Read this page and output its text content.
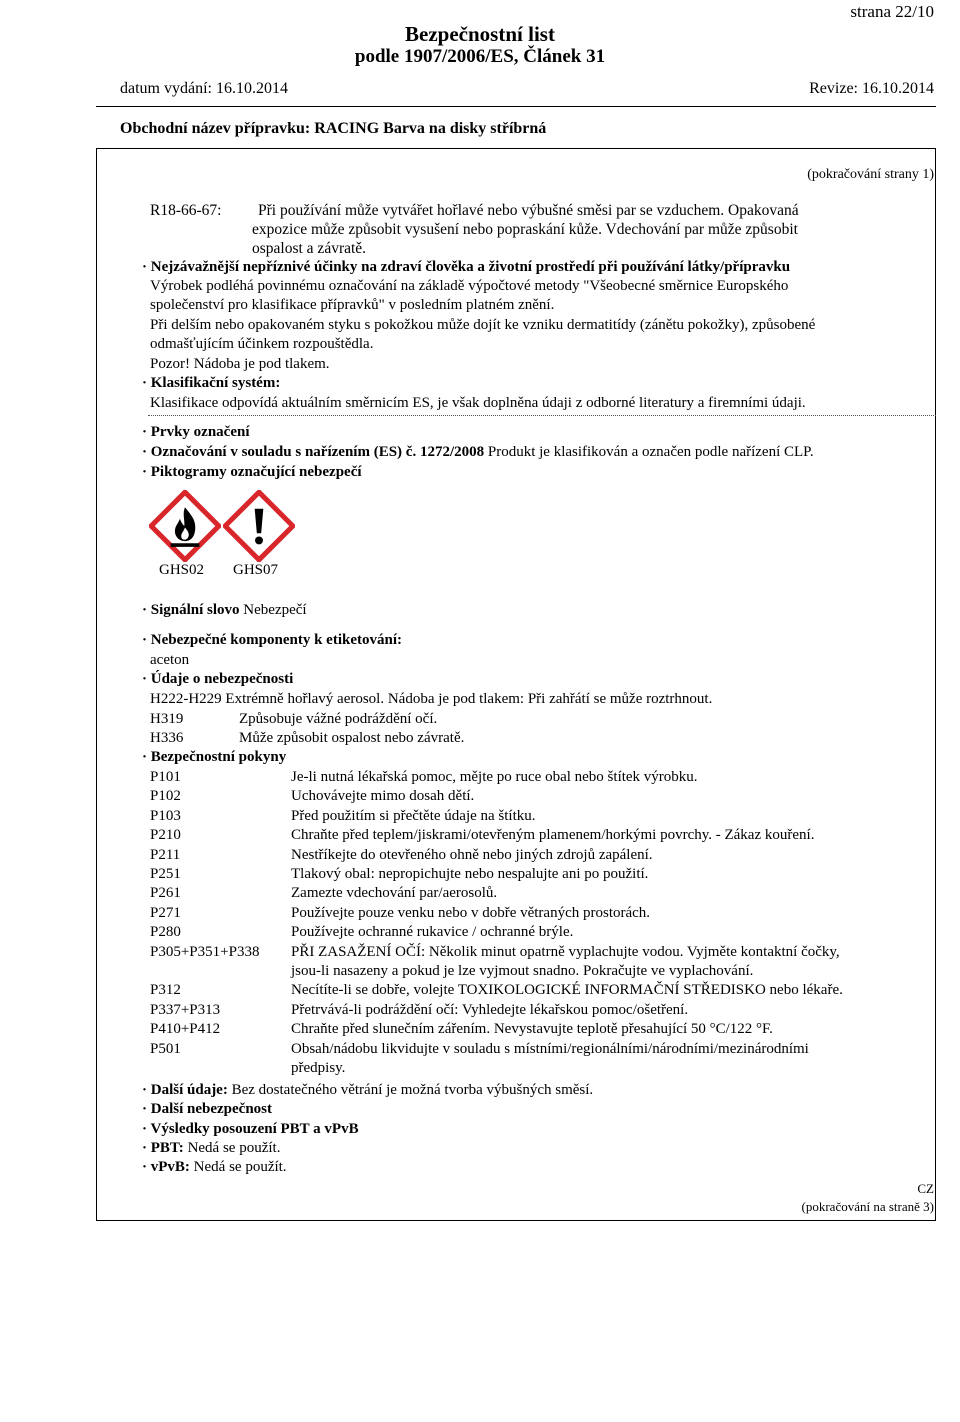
strana 22/10
Bezpečnostní list
podle 1907/2006/ES, Článek 31
datum vydání: 16.10.2014	Revize: 16.10.2014
Obchodní název přípravku: RACING Barva na disky stříbrná
(pokračování strany 1)
R18-66-67: Při používání může vytvářet hořlavé nebo výbušné směsi par se vzduchem. Opakovaná
expozice může způsobit vysušení nebo popraskání kůže. Vdechování par může způsobit
ospalost a závratě.
· Nejzávažnější nepříznivé účinky na zdraví člověka a životní prostředí při používání látky/přípravku
Výrobek podléhá povinnému označování na základě výpočtové metody "Všeobecné směrnice Europského
společenství pro klasifikace přípravků" v posledním platném znění.
Při delším nebo opakovaném styku s pokožkou může dojít ke vzniku dermatitídy (zánětu pokožky), způsobené
odmašťujícím účinkem rozpouštědla.
Pozor! Nádoba je pod tlakem.
· Klasifikační systém:
Klasifikace odpovídá aktuálním směrnicím ES, je však doplněna údaji z odborné literatury a firemními údaji.
· Prvky označení
· Označování v souladu s nařízením (ES) č. 1272/2008 Produkt je klasifikován a označen podle nařízení CLP.
· Piktogramy označující nebezpečí
GHS02 GHS07
· Signální slovo Nebezpečí
· Nebezpečné komponenty k etiketování:
aceton
· Údaje o nebezpečnosti
H222-H229 Extrémně hořlavý aerosol. Nádoba je pod tlakem: Při zahřátí se může roztrhnout.
H319	Způsobuje vážné podráždění očí.
H336	Může způsobit ospalost nebo závratě.
· Bezpečnostní pokyny
P101	Je-li nutná lékařská pomoc, mějte po ruce obal nebo štítek výrobku.
P102	Uchovávejte mimo dosah dětí.
P103	Před použitím si přečtěte údaje na štítku.
P210	Chraňte před teplem/jiskrami/otevřeným plamenem/horkými povrchy. - Zákaz kouření.
P211	Nestříkejte do otevřeného ohně nebo jiných zdrojů zapálení.
P251	Tlakový obal: nepropichujte nebo nespalujte ani po použití.
P261	Zamezte vdechování par/aerosolů.
P271	Používejte pouze venku nebo v dobře větraných prostorách.
P280	Používejte ochranné rukavice / ochranné brýle.
P305+P351+P338 PŘI ZASAŽENÍ OČÍ: Několik minut opatrně vyplachujte vodou. Vyjměte kontaktní čočky,
jsou-li nasazeny a pokud je lze vyjmout snadno. Pokračujte ve vyplachování.
P312	Necítíte-li se dobře, volejte TOXIKOLOGICKÉ INFORMAČNÍ STŘEDISKO nebo lékaře.
P337+P313	Přetrvává-li podráždění očí: Vyhledejte lékařskou pomoc/ošetření.
P410+P412	Chraňte před slunečním zářením. Nevystavujte teplotě přesahující 50 °C/122 °F.
P501	Obsah/nádobu likvidujte v souladu s místními/regionálními/národními/mezinárodními
předpisy.
· Další údaje: Bez dostatečného větrání je možná tvorba výbušných směsí.
· Další nebezpečnost
· Výsledky posouzení PBT a vPvB
· PBT: Nedá se použít.
· vPvB: Nedá se použít.
CZ
(pokračování na straně 3)
